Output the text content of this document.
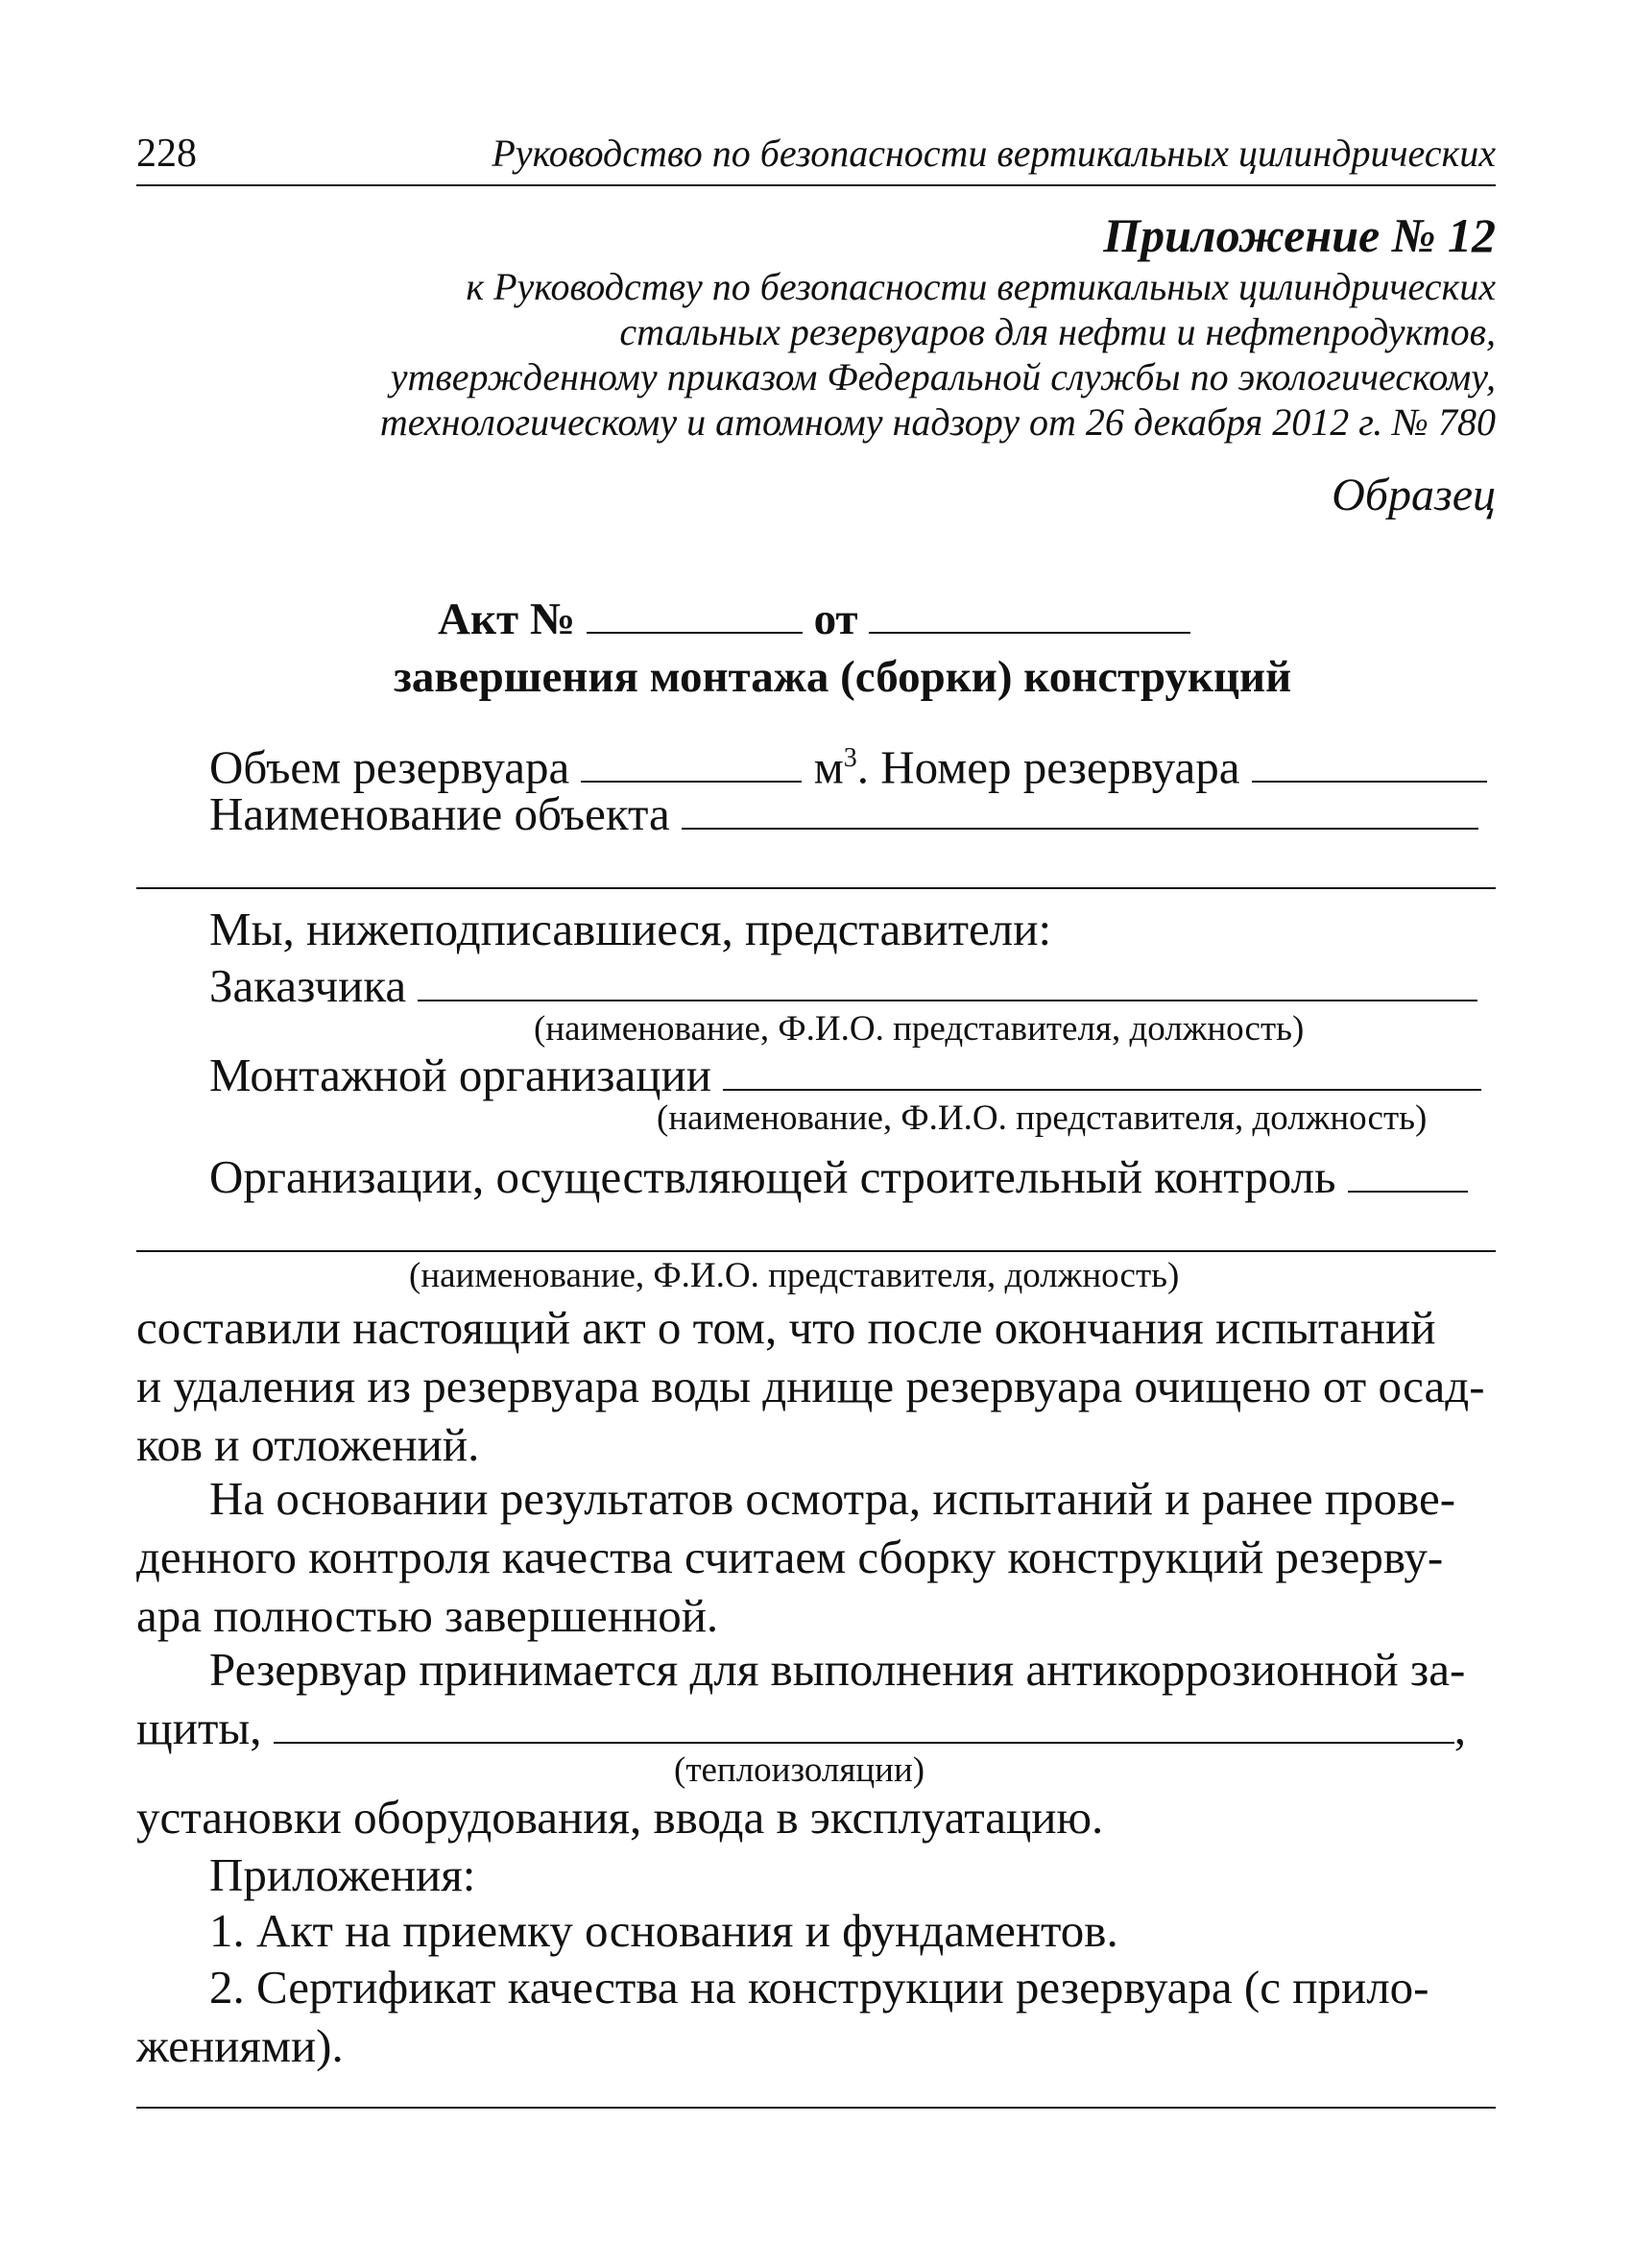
228	Руководство по безопасности вертикальных цилиндрических
Приложение № 12
к Руководству по безопасности вертикальных цилиндрических
стальных резервуаров для нефти и нефтепродуктов,
утвержденному приказом Федеральной службы по экологическому,
технологическому и атомному надзору от 26 декабря 2012 г. № 780
Образец
Акт №	от
завершения монтажа (сборки) конструкций
Объем резервуара	$м^3$. Номер резервуара
Наименование объекта
Мы, нижеподписавшиеся, представители:
Заказчика
(наименование, Ф.И.О. представителя, должность)
Монтажной организации
(наименование, Ф.И.О. представителя, должность)
Организации, осуществляющей строительный контроль
(наименование, Ф.И.О. представителя, должность)
составили настоящий акт о том, что после окончания испытаний
и удаления из резервуара воды днище резервуара очищено от осад-
ков и отложений.
На основании результатов осмотра, испытаний и ранее прове-
денного контроля качества считаем сборку конструкций резерву-
ара полностью завершенной.
Резервуар принимается для выполнения антикоррозионной за-
щиты,	,
(теплоизоляции)
установки оборудования, ввода в эксплуатацию.
Приложения:
1. Акт на приемку основания и фундаментов.
2. Сертификат качества на конструкции резервуара (с прило-
жениями).
